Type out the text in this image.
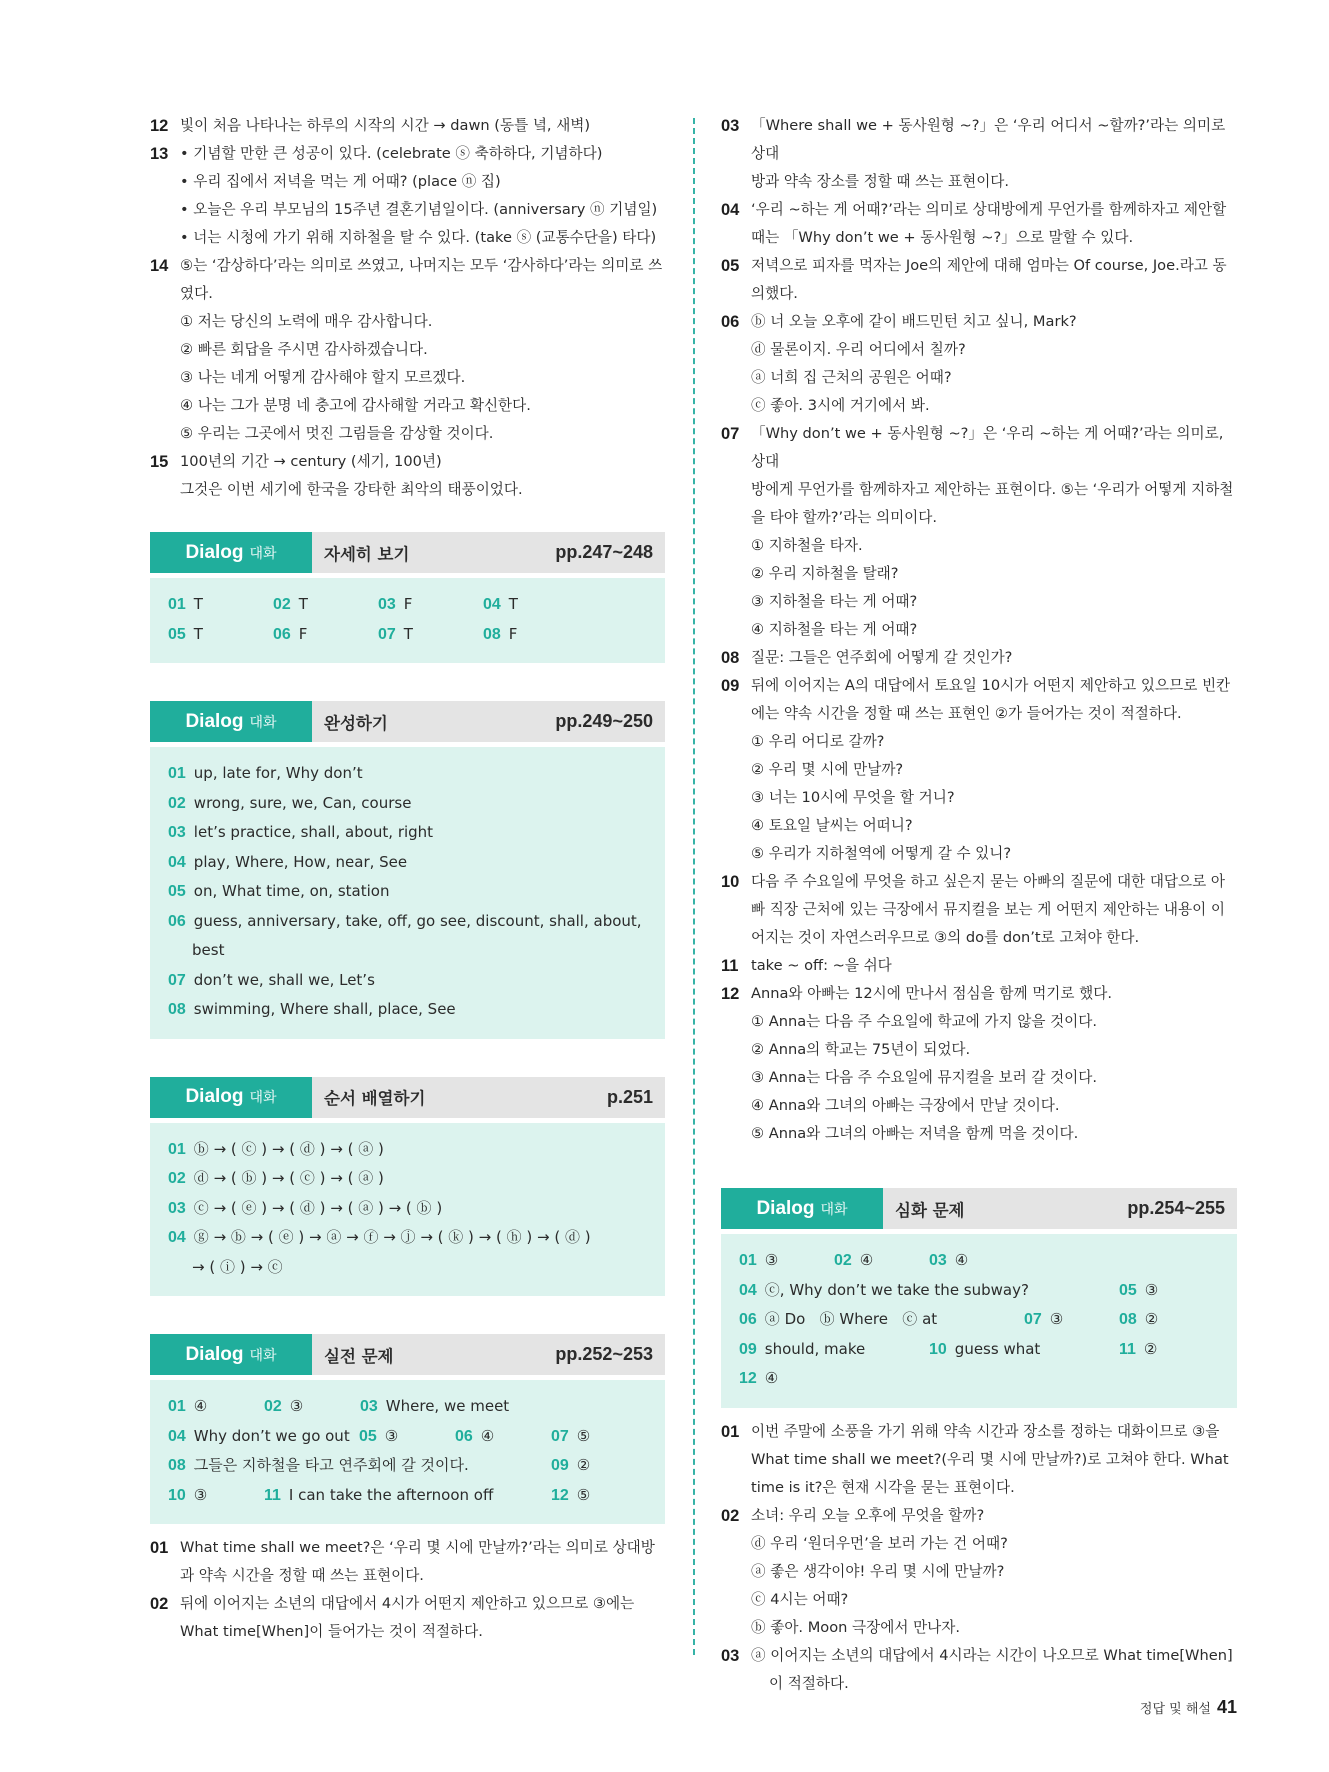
12 빛이 처음 나타나는 하루의 시작의 시간 → dawn (동틀 녘, 새벽)
13 • 기념할 만한 큰 성공이 있다. (celebrate ⓢ 축하하다, 기념하다)
• 우리 집에서 저녁을 먹는 게 어때? (place ⓝ 집)
• 오늘은 우리 부모님의 15주년 결혼기념일이다. (anniversary ⓝ 기념일)
• 너는 시청에 가기 위해 지하철을 탈 수 있다. (take ⓢ (교통수단을) 타다)
14 ⑤는 ‘감상하다’라는 의미로 쓰였고, 나머지는 모두 ‘감사하다’라는 의미로 쓰
였다.
① 저는 당신의 노력에 매우 감사합니다.
② 빠른 회답을 주시면 감사하겠습니다.
③ 나는 네게 어떻게 감사해야 할지 모르겠다.
④ 나는 그가 분명 네 충고에 감사해할 거라고 확신한다.
⑤ 우리는 그곳에서 멋진 그림들을 감상할 것이다.
15 100년의 기간 → century (세기, 100년)
그것은 이번 세기에 한국을 강타한 최악의 태풍이었다.
Dialog 대화	자세히 보기	pp.247~248
01 T	02 T	03 F	04 T
05 T	06 F	07 T	08 F
Dialog 대화	완성하기	pp.249~250
01 up, late for, Why don’t
02 wrong, sure, we, Can, course
03 let’s practice, shall, about, right
04 play, Where, How, near, See
05 on, What time, on, station
06 guess, anniversary, take, off, go see, discount, shall, about,
best
07 don’t we, shall we, Let’s
08 swimming, Where shall, place, See
Dialog 대화	순서 배열하기	p.251
01 ⓑ → ( ⓒ ) → ( ⓓ ) → ( ⓐ )
02 ⓓ → ( ⓑ ) → ( ⓒ ) → ( ⓐ )
03 ⓒ → ( ⓔ ) → ( ⓓ ) → ( ⓐ ) → ( ⓑ )
04 ⓖ → ⓑ → ( ⓔ ) → ⓐ → ⓕ → ⓙ → ( ⓚ ) → ( ⓗ ) → ( ⓓ )
→ ( ⓘ ) → ⓒ
Dialog 대화	실전 문제	pp.252~253
01 ④	02 ③	03 Where, we meet
04 Why don’t we go out 05 ③	06 ④	07 ⑤
08 그들은 지하철을 타고 연주회에 갈 것이다.	09 ②
10 ③	11 I can take the afternoon off	12 ⑤
01 What time shall we meet?은 ‘우리 몇 시에 만날까?’라는 의미로 상대방
과 약속 시간을 정할 때 쓰는 표현이다.
02 뒤에 이어지는 소년의 대답에서 4시가 어떤지 제안하고 있으므로 ③에는
What time[When]이 들어가는 것이 적절하다.
03 「Where shall we + 동사원형 ~?」은 ‘우리 어디서 ~할까?’라는 의미로 상대
방과 약속 장소를 정할 때 쓰는 표현이다.
04 ‘우리 ~하는 게 어때?’라는 의미로 상대방에게 무언가를 함께하자고 제안할
때는 「Why don’t we + 동사원형 ~?」으로 말할 수 있다.
05 저녁으로 피자를 먹자는 Joe의 제안에 대해 엄마는 Of course, Joe.라고 동
의했다.
06 ⓑ 너 오늘 오후에 같이 배드민턴 치고 싶니, Mark?
ⓓ 물론이지. 우리 어디에서 칠까?
ⓐ 너희 집 근처의 공원은 어때?
ⓒ 좋아. 3시에 거기에서 봐.
07 「Why don’t we + 동사원형 ~?」은 ‘우리 ~하는 게 어때?’라는 의미로, 상대
방에게 무언가를 함께하자고 제안하는 표현이다. ⑤는 ‘우리가 어떻게 지하철
을 타야 할까?’라는 의미이다.
① 지하철을 타자.
② 우리 지하철을 탈래?
③ 지하철을 타는 게 어때?
④ 지하철을 타는 게 어때?
08 질문: 그들은 연주회에 어떻게 갈 것인가?
09 뒤에 이어지는 A의 대답에서 토요일 10시가 어떤지 제안하고 있으므로 빈칸
에는 약속 시간을 정할 때 쓰는 표현인 ②가 들어가는 것이 적절하다.
① 우리 어디로 갈까?
② 우리 몇 시에 만날까?
③ 너는 10시에 무엇을 할 거니?
④ 토요일 날씨는 어떠니?
⑤ 우리가 지하철역에 어떻게 갈 수 있니?
10 다음 주 수요일에 무엇을 하고 싶은지 묻는 아빠의 질문에 대한 대답으로 아
빠 직장 근처에 있는 극장에서 뮤지컬을 보는 게 어떤지 제안하는 내용이 이
어지는 것이 자연스러우므로 ③의 do를 don’t로 고쳐야 한다.
11 take ~ off: ~을 쉬다
12 Anna와 아빠는 12시에 만나서 점심을 함께 먹기로 했다.
① Anna는 다음 주 수요일에 학교에 가지 않을 것이다.
② Anna의 학교는 75년이 되었다.
③ Anna는 다음 주 수요일에 뮤지컬을 보러 갈 것이다.
④ Anna와 그녀의 아빠는 극장에서 만날 것이다.
⑤ Anna와 그녀의 아빠는 저녁을 함께 먹을 것이다.
Dialog 대화	심화 문제	pp.254~255
01 ③	02 ④	03 ④
04 ⓒ, Why don’t we take the subway?	05 ③
06 ⓐ Do   ⓑ Where   ⓒ at	07 ③	08 ②
09 should, make	10 guess what	11 ②
12 ④
01 이번 주말에 소풍을 가기 위해 약속 시간과 장소를 정하는 대화이므로 ③을
What time shall we meet?(우리 몇 시에 만날까?)로 고쳐야 한다. What
time is it?은 현재 시각을 묻는 표현이다.
02 소녀: 우리 오늘 오후에 무엇을 할까?
ⓓ 우리 ‘원더우먼’을 보러 가는 건 어때?
ⓐ 좋은 생각이야! 우리 몇 시에 만날까?
ⓒ 4시는 어때?
ⓑ 좋아. Moon 극장에서 만나자.
03 ⓐ 이어지는 소년의 대답에서 4시라는 시간이 나오므로 What time[When]
이 적절하다.
정답 및 해설 41
